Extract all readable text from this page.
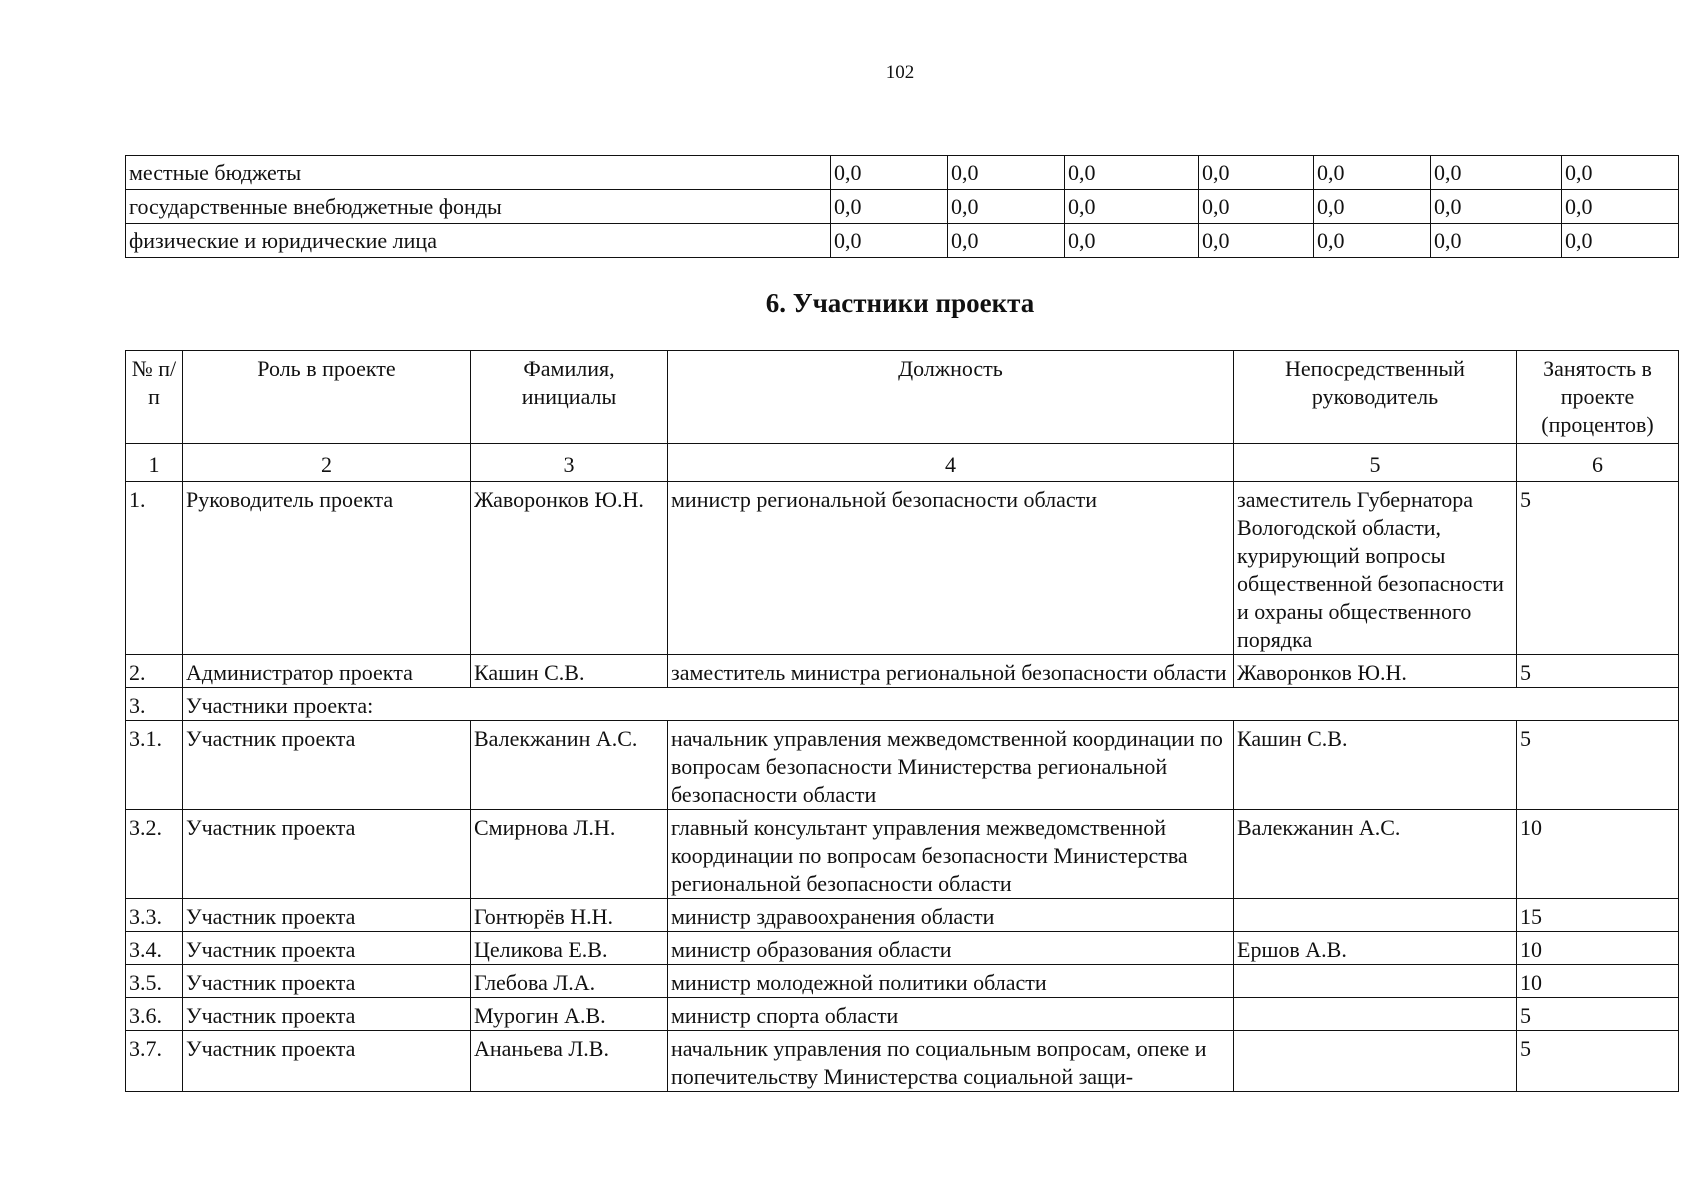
102
местные бюджеты	0,0	0,0	0,0	0,0	0,0	0,0	0,0
государственные внебюджетные фонды	0,0	0,0	0,0	0,0	0,0	0,0	0,0
физические и юридические лица	0,0	0,0	0,0	0,0	0,0	0,0	0,0
6. Участники проекта
№ п/п	Роль в проекте	Фамилия, инициалы	Должность	Непосредственный руководитель	Занятость в проекте (процентов)
1	2	3	4	5	6
1.	Руководитель проекта	Жаворонков Ю.Н.	министр региональной безопасности области	заместитель Губернатора Вологодской области, курирующий вопросы общественной безопасности и охраны общественного порядка	5
2.	Администратор проекта	Кашин С.В.	заместитель министра региональной безопасности области	Жаворонков Ю.Н.	5
3.	Участники проекта:				
3.1.	Участник проекта	Валекжанин А.С.	начальник управления межведомственной координации по вопросам безопасности Министерства региональной безопасности области	Кашин С.В.	5
3.2.	Участник проекта	Смирнова Л.Н.	главный консультант управления межведомственной координации по вопросам безопасности Министерства региональной безопасности области	Валекжанин А.С.	10
3.3.	Участник проекта	Гонтюрёв Н.Н.	министр здравоохранения области		15
3.4.	Участник проекта	Целикова Е.В.	министр образования области	Ершов А.В.	10
3.5.	Участник проекта	Глебова Л.А.	министр молодежной политики области		10
3.6.	Участник проекта	Мурогин А.В.	министр спорта области		5
3.7.	Участник проекта	Ананьева Л.В.	начальник управления по социальным вопросам, опеке и попечительству Министерства социальной защи-		5
